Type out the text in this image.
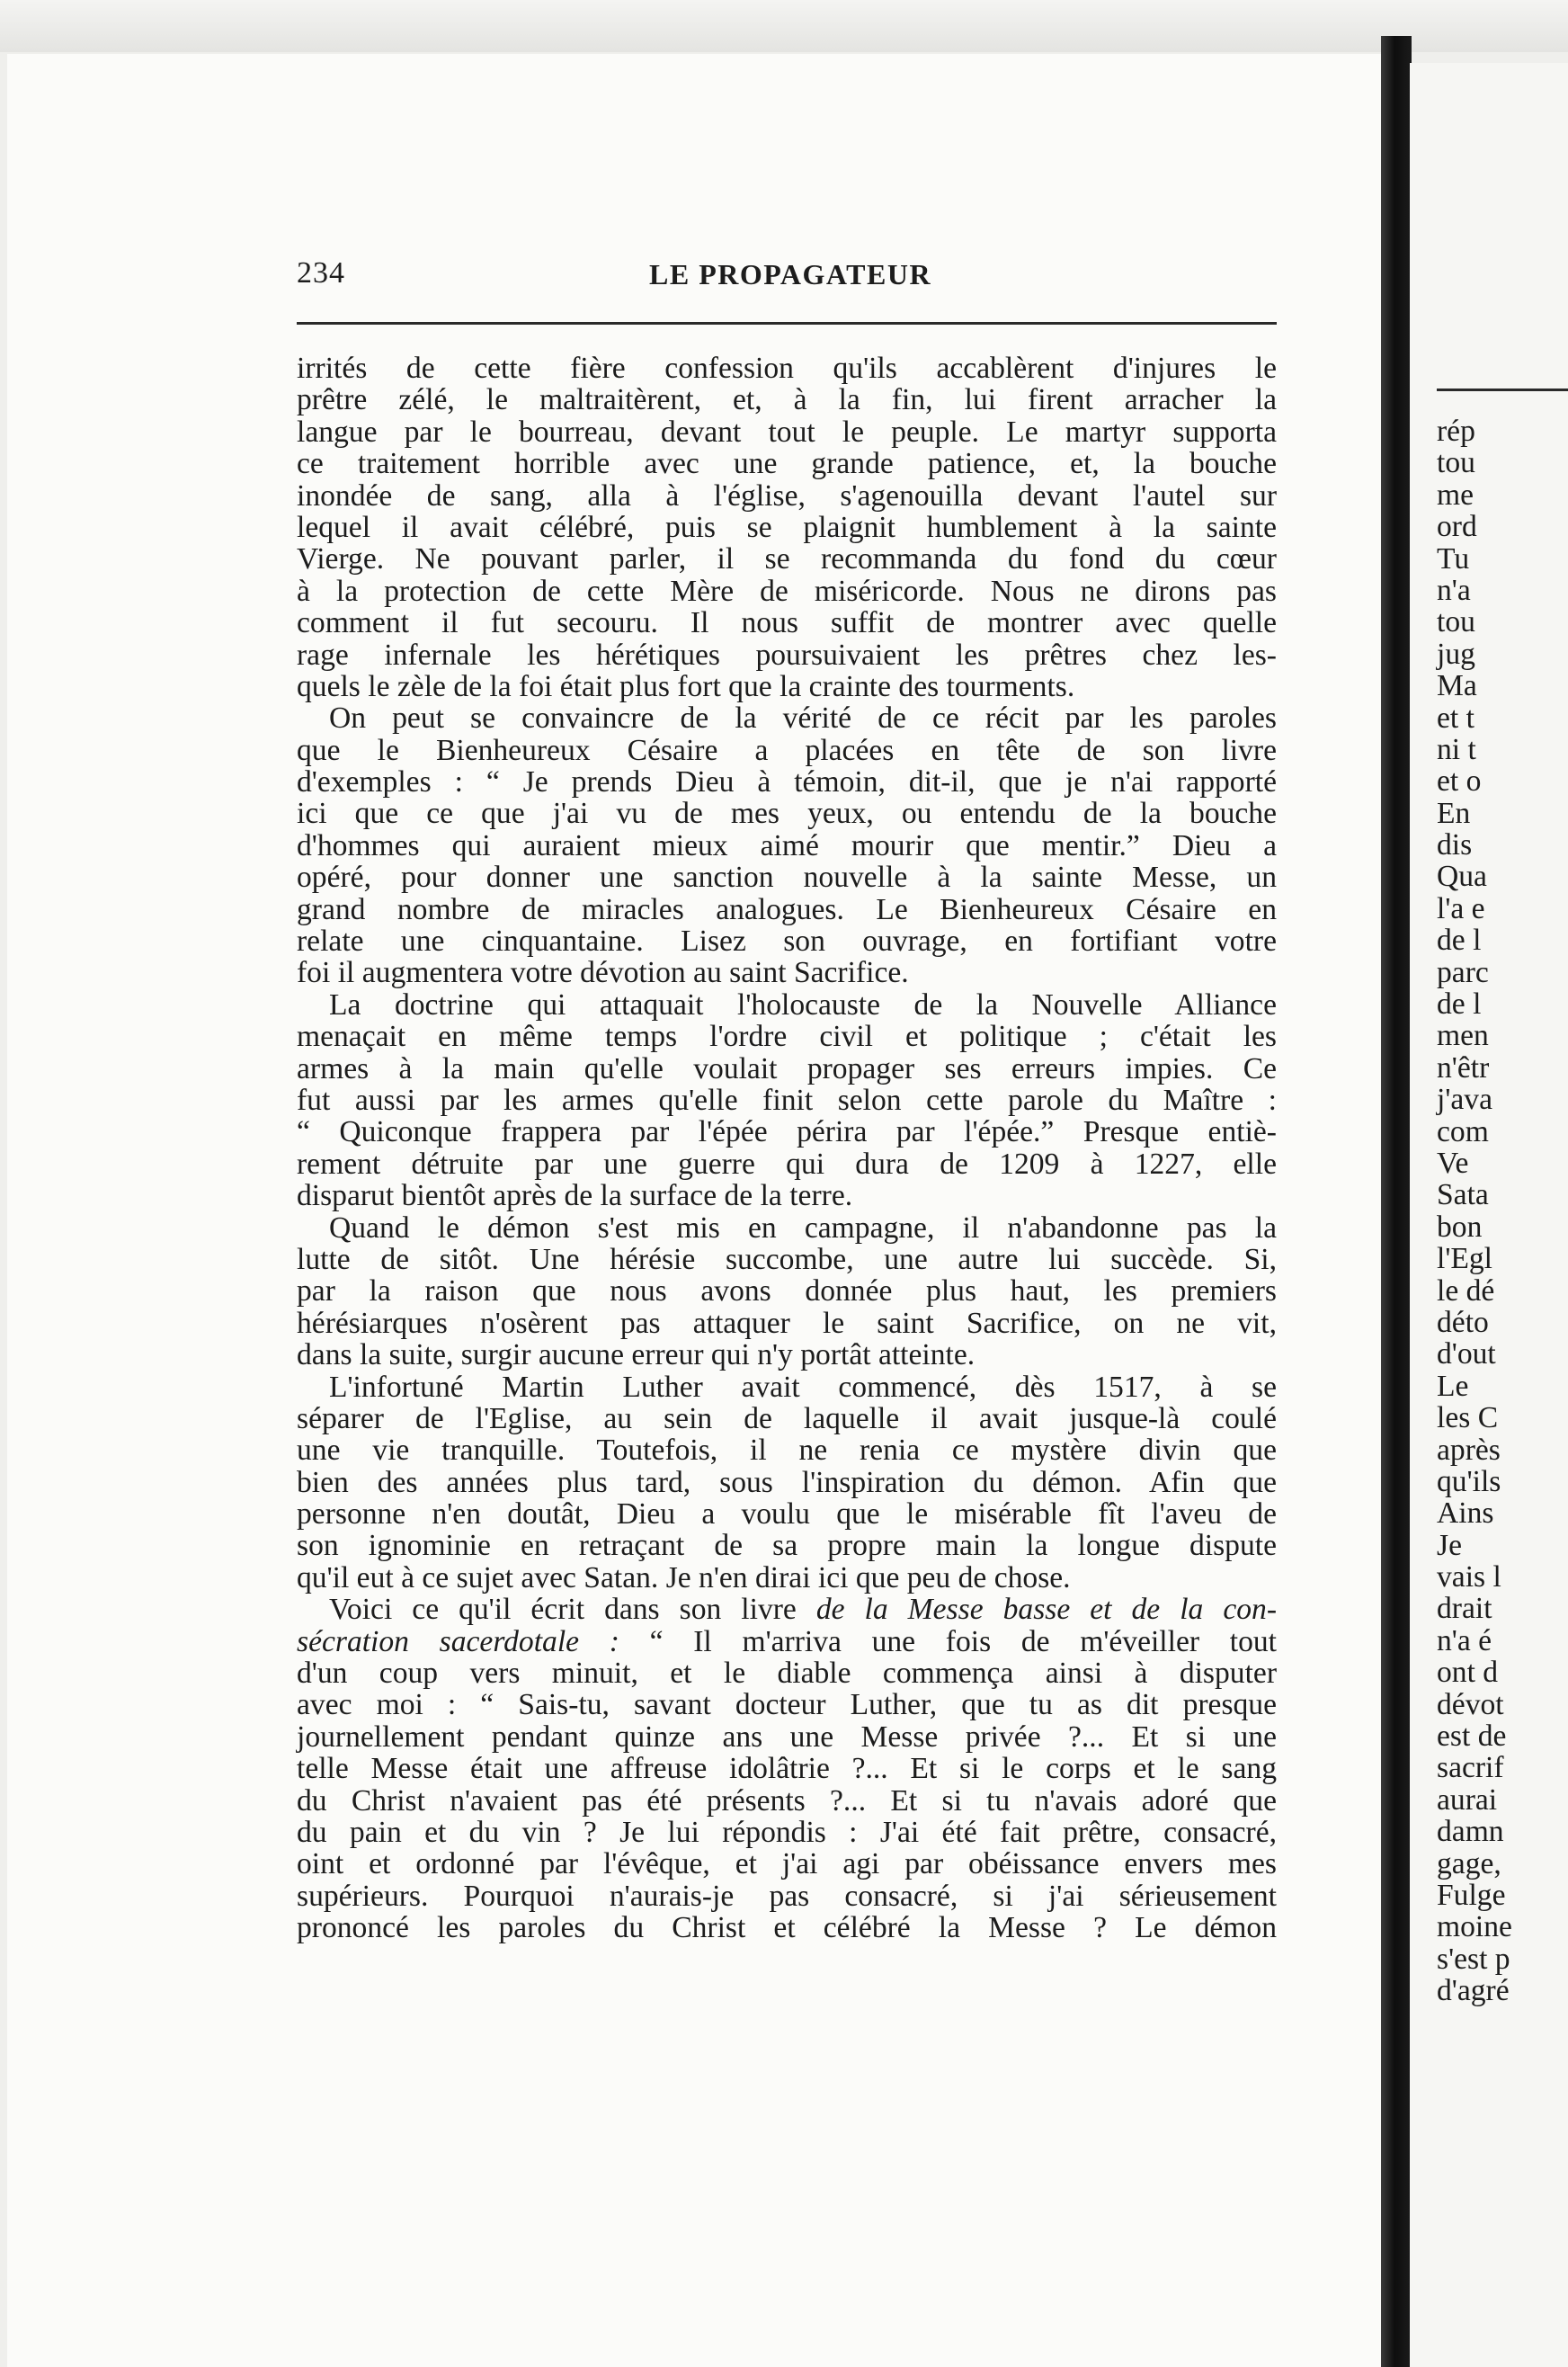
rép
tou
me
ord
Tu
n'a
tou
jug
Ma
et t
ni t
et o
En
dis
Qua
l'a e
de l
parc
de l
men
n'êtr
j'ava
com
Ve
Sata
bon
l'Egl
le dé
déto
d'out
Le
les C
après
qu'ils
Ains
Je
vais l
drait
n'a é
ont d
dévot
est de
sacrif
aurai
damn
gage,
Fulge
moine
s'est p
d'agré
234	LE PROPAGATEUR
irrités de cette fière confession qu'ils accablèrent d'injures le
prêtre zélé, le maltraitèrent, et, à la fin, lui firent arracher la
langue par le bourreau, devant tout le peuple. Le martyr supporta
ce traitement horrible avec une grande patience, et, la bouche
inondée de sang, alla à l'église, s'agenouilla devant l'autel sur
lequel il avait célébré, puis se plaignit humblement à la sainte
Vierge. Ne pouvant parler, il se recommanda du fond du cœur
à la protection de cette Mère de miséricorde. Nous ne dirons pas
comment il fut secouru. Il nous suffit de montrer avec quelle
rage infernale les hérétiques poursuivaient les prêtres chez les-
quels le zèle de la foi était plus fort que la crainte des tourments.
On peut se convaincre de la vérité de ce récit par les paroles
que le Bienheureux Césaire a placées en tête de son livre
d'exemples : “ Je prends Dieu à témoin, dit-il, que je n'ai rapporté
ici que ce que j'ai vu de mes yeux, ou entendu de la bouche
d'hommes qui auraient mieux aimé mourir que mentir.” Dieu a
opéré, pour donner une sanction nouvelle à la sainte Messe, un
grand nombre de miracles analogues. Le Bienheureux Césaire en
relate une cinquantaine. Lisez son ouvrage, en fortifiant votre
foi il augmentera votre dévotion au saint Sacrifice.
La doctrine qui attaquait l'holocauste de la Nouvelle Alliance
menaçait en même temps l'ordre civil et politique ; c'était les
armes à la main qu'elle voulait propager ses erreurs impies. Ce
fut aussi par les armes qu'elle finit selon cette parole du Maître :
“ Quiconque frappera par l'épée périra par l'épée.” Presque entiè-
rement détruite par une guerre qui dura de 1209 à 1227, elle
disparut bientôt après de la surface de la terre.
Quand le démon s'est mis en campagne, il n'abandonne pas la
lutte de sitôt. Une hérésie succombe, une autre lui succède. Si,
par la raison que nous avons donnée plus haut, les premiers
hérésiarques n'osèrent pas attaquer le saint Sacrifice, on ne vit,
dans la suite, surgir aucune erreur qui n'y portât atteinte.
L'infortuné Martin Luther avait commencé, dès 1517, à se
séparer de l'Eglise, au sein de laquelle il avait jusque-là coulé
une vie tranquille. Toutefois, il ne renia ce mystère divin que
bien des années plus tard, sous l'inspiration du démon. Afin que
personne n'en doutât, Dieu a voulu que le misérable fît l'aveu de
son ignominie en retraçant de sa propre main la longue dispute
qu'il eut à ce sujet avec Satan. Je n'en dirai ici que peu de chose.
Voici ce qu'il écrit dans son livre de la Messe basse et de la con-
sécration sacerdotale : “ Il m'arriva une fois de m'éveiller tout
d'un coup vers minuit, et le diable commença ainsi à disputer
avec moi : “ Sais-tu, savant docteur Luther, que tu as dit presque
journellement pendant quinze ans une Messe privée ?... Et si une
telle Messe était une affreuse idolâtrie ?... Et si le corps et le sang
du Christ n'avaient pas été présents ?... Et si tu n'avais adoré que
du pain et du vin ? Je lui répondis : J'ai été fait prêtre, consacré,
oint et ordonné par l'évêque, et j'ai agi par obéissance envers mes
supérieurs. Pourquoi n'aurais-je pas consacré, si j'ai sérieusement
prononcé les paroles du Christ et célébré la Messe ? Le démon
